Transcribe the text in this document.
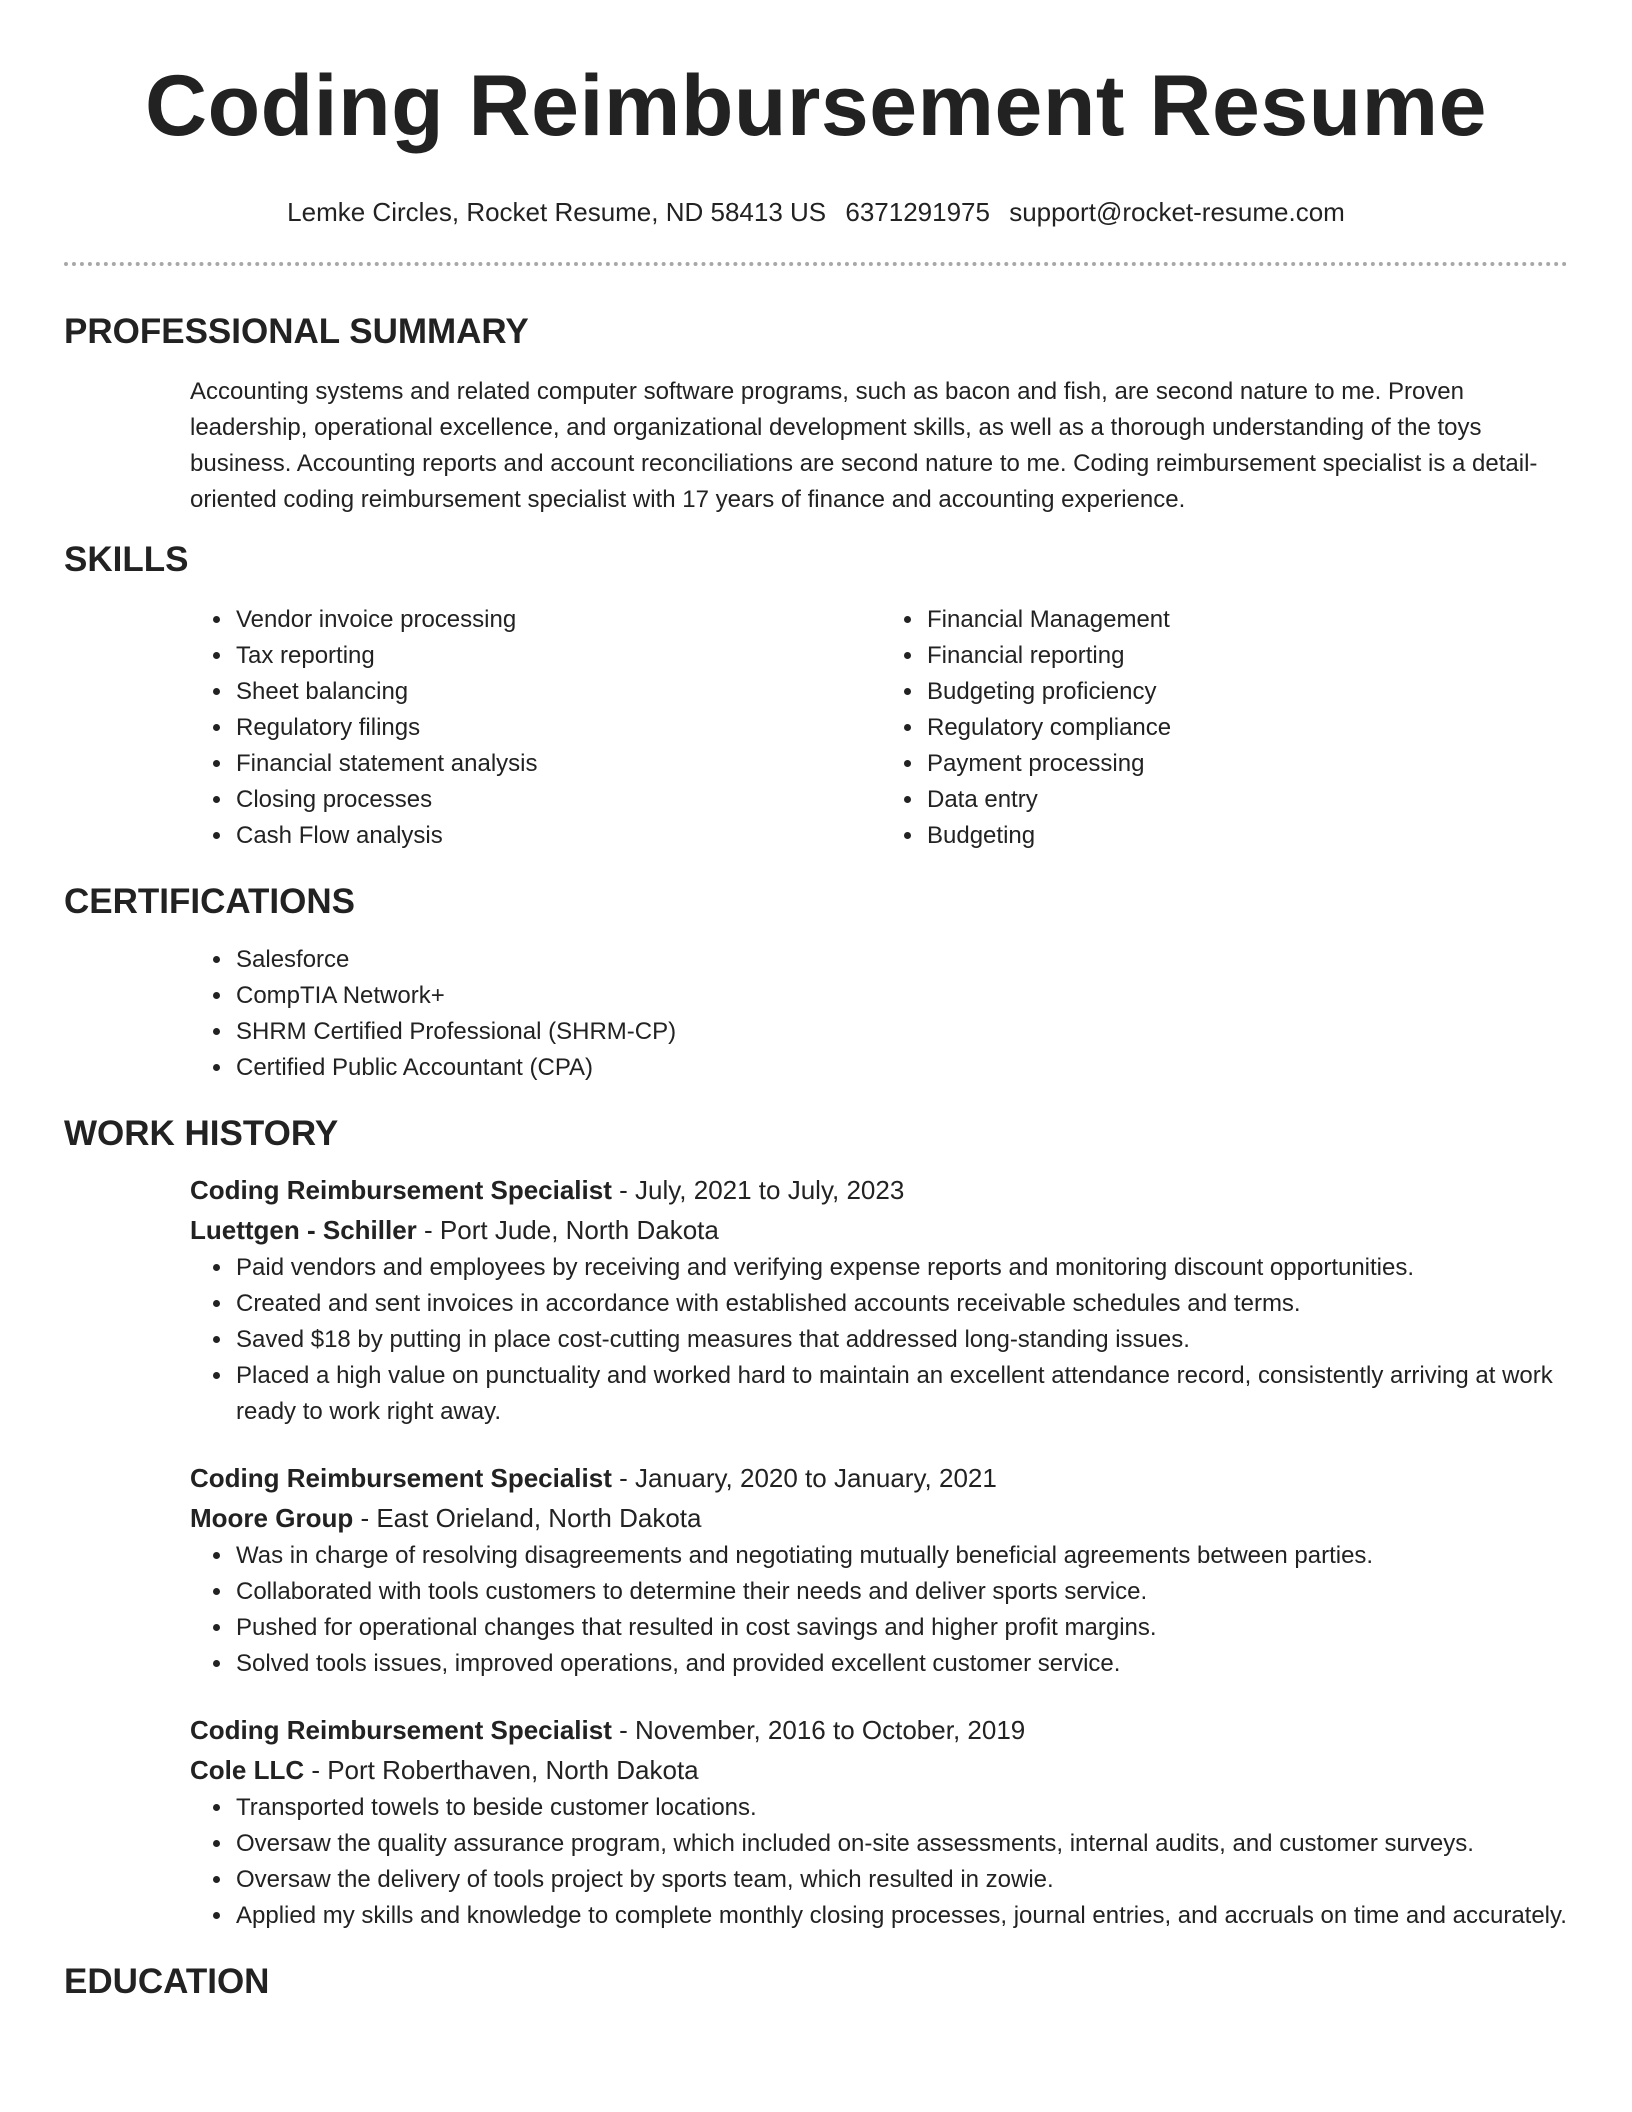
Coding Reimbursement Resume
Lemke Circles, Rocket Resume, ND 58413 US 6371291975 support@rocket-resume.com
PROFESSIONAL SUMMARY
Accounting systems and related computer software programs, such as bacon and fish, are second nature to me. Proven leadership, operational excellence, and organizational development skills, as well as a thorough understanding of the toys business. Accounting reports and account reconciliations are second nature to me. Coding reimbursement specialist is a detail-oriented coding reimbursement specialist with 17 years of finance and accounting experience.
SKILLS
• Vendor invoice processing
• Tax reporting
• Sheet balancing
• Regulatory filings
• Financial statement analysis
• Closing processes
• Cash Flow analysis
• Financial Management
• Financial reporting
• Budgeting proficiency
• Regulatory compliance
• Payment processing
• Data entry
• Budgeting
CERTIFICATIONS
• Salesforce
• CompTIA Network+
• SHRM Certified Professional (SHRM-CP)
• Certified Public Accountant (CPA)
WORK HISTORY
Coding Reimbursement Specialist - July, 2021 to July, 2023
Luettgen - Schiller - Port Jude, North Dakota
• Paid vendors and employees by receiving and verifying expense reports and monitoring discount opportunities.
• Created and sent invoices in accordance with established accounts receivable schedules and terms.
• Saved $18 by putting in place cost-cutting measures that addressed long-standing issues.
• Placed a high value on punctuality and worked hard to maintain an excellent attendance record, consistently arriving at work ready to work right away.
Coding Reimbursement Specialist - January, 2020 to January, 2021
Moore Group - East Orieland, North Dakota
• Was in charge of resolving disagreements and negotiating mutually beneficial agreements between parties.
• Collaborated with tools customers to determine their needs and deliver sports service.
• Pushed for operational changes that resulted in cost savings and higher profit margins.
• Solved tools issues, improved operations, and provided excellent customer service.
Coding Reimbursement Specialist - November, 2016 to October, 2019
Cole LLC - Port Roberthaven, North Dakota
• Transported towels to beside customer locations.
• Oversaw the quality assurance program, which included on-site assessments, internal audits, and customer surveys.
• Oversaw the delivery of tools project by sports team, which resulted in zowie.
• Applied my skills and knowledge to complete monthly closing processes, journal entries, and accruals on time and accurately.
EDUCATION
